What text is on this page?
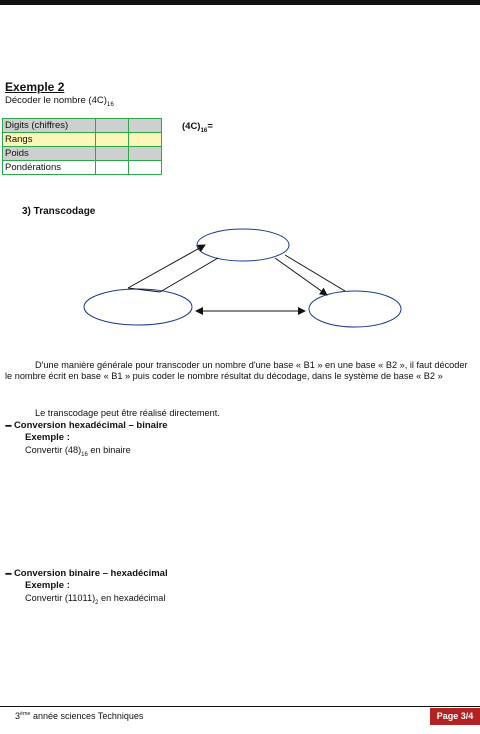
Exemple 2
Décoder le nombre $(4C)_{16}$
Digits (chiffres)		
Rangs		
Poids		
Pondérations		
$(4C)_{16}=$
3) Transcodage
D'une manière générale pour transcoder un nombre d'une base « B1 » en une base « B2 », il faut décoder le nombre écrit en base « B1 » puis coder le nombre résultat du décodage, dans le système de base « B2 »
Le transcodage peut être réalisé directement.
▪▪▪▪ Conversion hexadécimal – binaire
Exemple :
Convertir $(48)_{16}$ en binaire
▪▪▪▪ Conversion binaire – hexadécimal
Exemple :
Convertir $(11011)_2$ en hexadécimal
3ème année sciences Techniques	Page 3/4
